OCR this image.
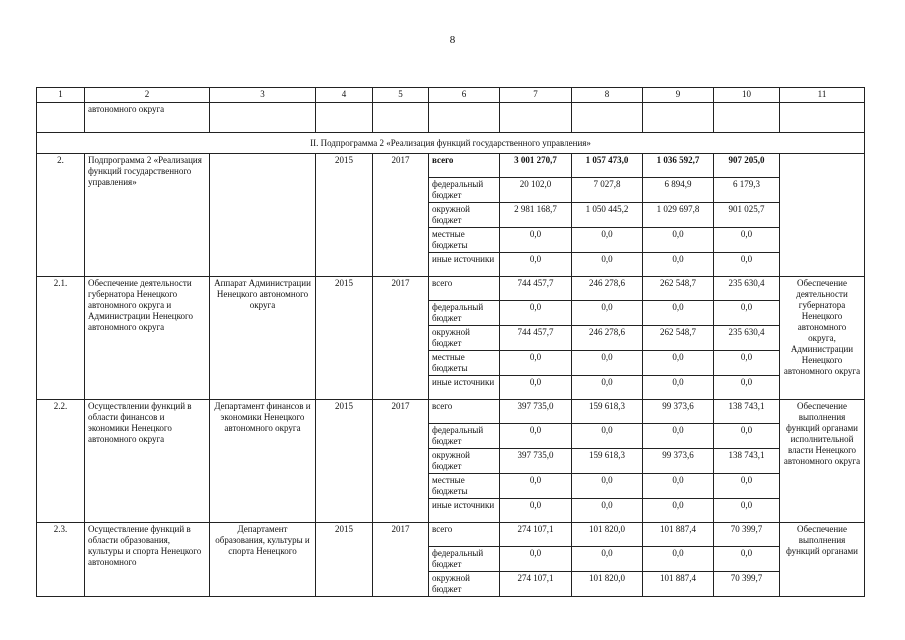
8
1	2	3	4	5	6	7	8	9	10	11
	автономного округа									
II. Подпрограмма 2 «Реализация функций государственного управления»										
2.	Подпрограмма 2 «Реализация функций государственного управления»		2015	2017	всего	3 001 270,7	1 057 473,0	1 036 592,7	907 205,0	
					федеральный бюджет	20 102,0	7 027,8	6 894,9	6 179,3	
					окружной бюджет	2 981 168,7	1 050 445,2	1 029 697,8	901 025,7	
					местные бюджеты	0,0	0,0	0,0	0,0	
					иные источники	0,0	0,0	0,0	0,0	
2.1.	Обеспечение деятельности губернатора Ненецкого автономного округа и Администрации Ненецкого автономного округа	Аппарат Администрации Ненецкого автономного округа	2015	2017	всего	744 457,7	246 278,6	262 548,7	235 630,4	Обеспечение деятельности губернатора Ненецкого автономного округа, Администрации Ненецкого автономного округа
					федеральный бюджет	0,0	0,0	0,0	0,0	
					окружной бюджет	744 457,7	246 278,6	262 548,7	235 630,4	
					местные бюджеты	0,0	0,0	0,0	0,0	
					иные источники	0,0	0,0	0,0	0,0	
2.2.	Осуществлении функций в области финансов и экономики Ненецкого автономного округа	Департамент финансов и экономики Ненецкого автономного округа	2015	2017	всего	397 735,0	159 618,3	99 373,6	138 743,1	Обеспечение выполнения функций органами исполнительной власти Ненецкого автономного округа
					федеральный бюджет	0,0	0,0	0,0	0,0	
					окружной бюджет	397 735,0	159 618,3	99 373,6	138 743,1	
					местные бюджеты	0,0	0,0	0,0	0,0	
					иные источники	0,0	0,0	0,0	0,0	
2.3.	Осуществление функций в области образования, культуры и спорта Ненецкого автономного	Департамент образования, культуры и спорта Ненецкого	2015	2017	всего	274 107,1	101 820,0	101 887,4	70 399,7	Обеспечение выполнения функций органами
					федеральный бюджет	0,0	0,0	0,0	0,0	
					окружной бюджет	274 107,1	101 820,0	101 887,4	70 399,7	
